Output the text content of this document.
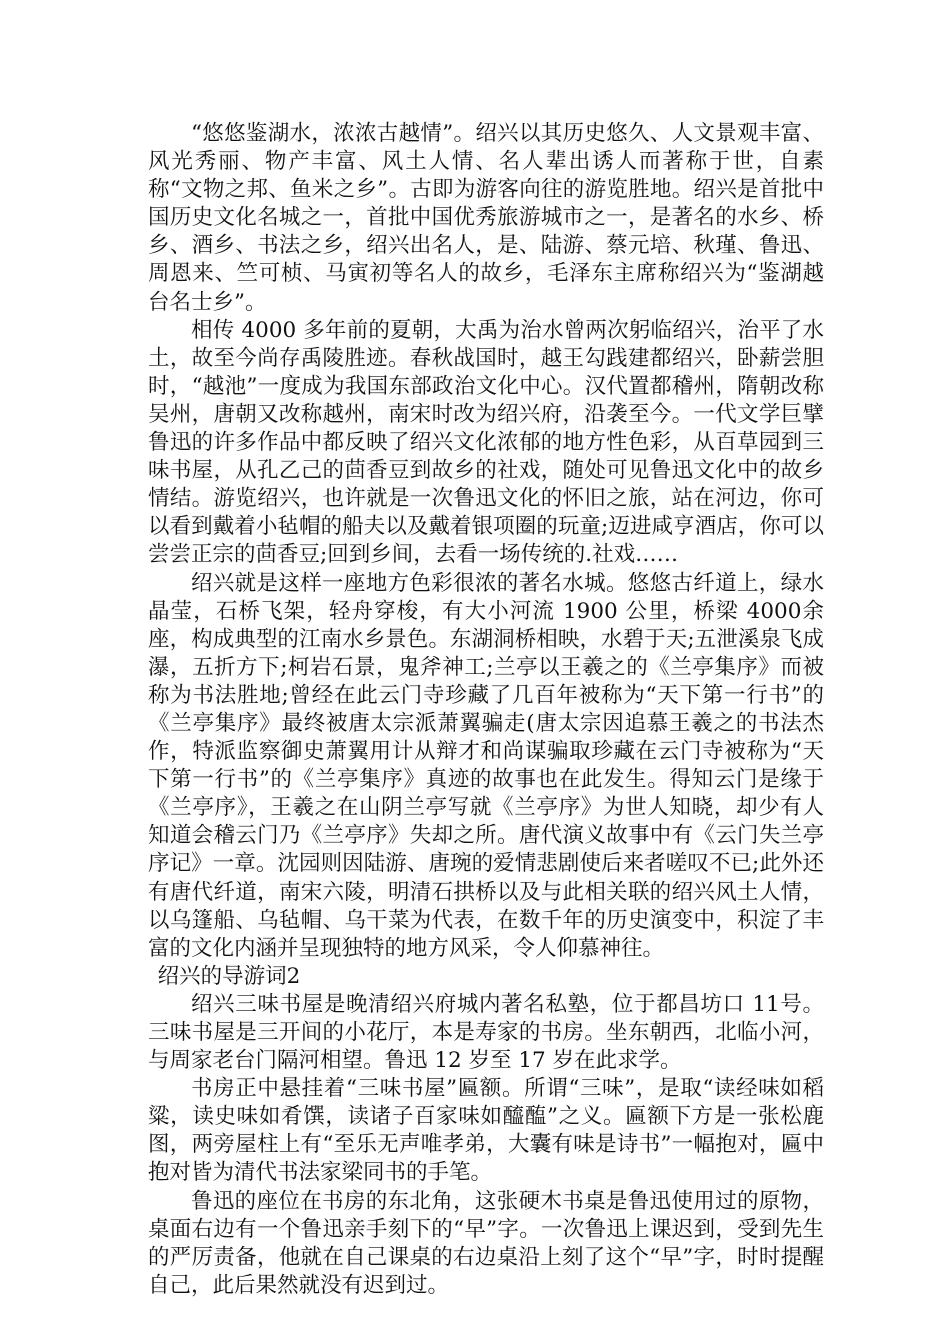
“悠悠鉴湖水，浓浓古越情”。绍兴以其历史悠久、人文景观丰富、风光秀丽、物产丰富、风土人情、名人辈出诱人而著称于世，自素称“文物之邦、鱼米之乡”。古即为游客向往的游览胜地。绍兴是首批中国历史文化名城之一，首批中国优秀旅游城市之一，是著名的水乡、桥乡、酒乡、书法之乡，绍兴出名人，是、陆游、蔡元培、秋瑾、鲁迅、周恩来、竺可桢、马寅初等名人的故乡，毛泽东主席称绍兴为“鉴湖越台名士乡”。

相传 4000 多年前的夏朝，大禹为治水曾两次躬临绍兴，治平了水土，故至今尚存禹陵胜迹。春秋战国时，越王勾践建都绍兴，卧薪尝胆时，“越池”一度成为我国东部政治文化中心。汉代置都稽州，隋朝改称吴州，唐朝又改称越州，南宋时改为绍兴府，沿袭至今。一代文学巨擘鲁迅的许多作品中都反映了绍兴文化浓郁的地方性色彩，从百草园到三味书屋，从孔乙己的茴香豆到故乡的社戏，随处可见鲁迅文化中的故乡情结。游览绍兴，也许就是一次鲁迅文化的怀旧之旅，站在河边，你可以看到戴着小毡帽的船夫以及戴着银项圈的玩童;迈进咸亨酒店，你可以尝尝正宗的茴香豆;回到乡间，去看一场传统的.社戏……

绍兴就是这样一座地方色彩很浓的著名水城。悠悠古纤道上，绿水晶莹，石桥飞架，轻舟穿梭，有大小河流 1900 公里，桥梁 4000余座，构成典型的江南水乡景色。东湖洞桥相映，水碧于天;五泄溪泉飞成瀑，五折方下;柯岩石景，鬼斧神工;兰亭以王羲之的《兰亭集序》而被称为书法胜地;曾经在此云门寺珍藏了几百年被称为“天下第一行书”的《兰亭集序》最终被唐太宗派萧翼骗走(唐太宗因追慕王羲之的书法杰作，特派监察御史萧翼用计从辩才和尚谋骗取珍藏在云门寺被称为“天下第一行书”的《兰亭集序》真迹的故事也在此发生。得知云门是缘于《兰亭序》，王羲之在山阴兰亭写就《兰亭序》为世人知晓，却少有人知道会稽云门乃《兰亭序》失却之所。唐代演义故事中有《云门失兰亭序记》一章。沈园则因陆游、唐琬的爱情悲剧使后来者嗟叹不已;此外还有唐代纤道，南宋六陵，明清石拱桥以及与此相关联的绍兴风土人情，以乌篷船、乌毡帽、乌干菜为代表，在数千年的历史演变中，积淀了丰富的文化内涵并呈现独特的地方风采，令人仰慕神往。

绍兴的导游词2

绍兴三味书屋是晚清绍兴府城内著名私塾，位于都昌坊口 11号。三味书屋是三开间的小花厅，本是寿家的书房。坐东朝西，北临小河，与周家老台门隔河相望。鲁迅 12 岁至 17 岁在此求学。

书房正中悬挂着“三味书屋”匾额。所谓“三味”，是取“读经味如稻粱，读史味如肴馔，读诸子百家味如醯醢”之义。匾额下方是一张松鹿图，两旁屋柱上有“至乐无声唯孝弟，大囊有味是诗书”一幅抱对，匾中抱对皆为清代书法家梁同书的手笔。

鲁迅的座位在书房的东北角，这张硬木书桌是鲁迅使用过的原物，桌面右边有一个鲁迅亲手刻下的“早”字。一次鲁迅上课迟到，受到先生的严厉责备，他就在自己课桌的右边桌沿上刻了这个“早”字，时时提醒自己，此后果然就没有迟到过。
